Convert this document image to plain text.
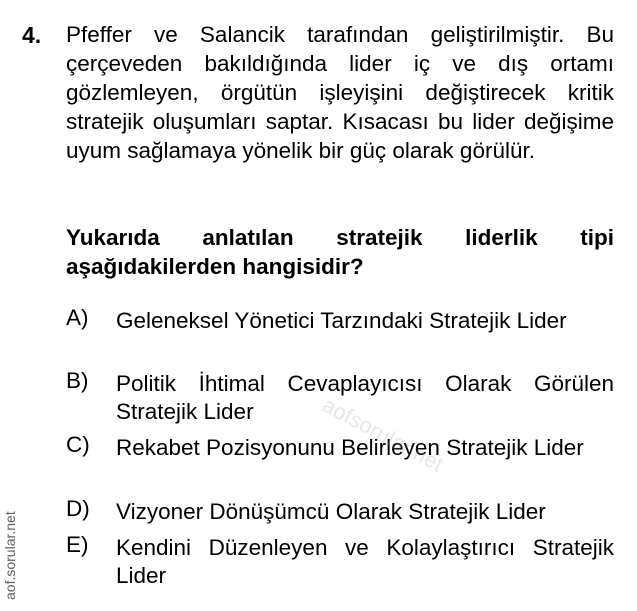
4. Pfeffer ve Salancik tarafından geliştirilmiştir. Bu çerçeveden bakıldığında lider iç ve dış ortamı gözlemleyen, örgütün işleyişini değiştirecek kritik stratejik oluşumları saptar. Kısacası bu lider değişime uyum sağlamaya yönelik bir güç olarak görülür.
Yukarıda anlatılan stratejik liderlik tipi aşağıdakilerden hangisidir?
A) Geleneksel Yönetici Tarzındaki Stratejik Lider
B) Politik İhtimal Cevaplayıcısı Olarak Görülen Stratejik Lider
C) Rekabet Pozisyonunu Belirleyen Stratejik Lider
D) Vizyoner Dönüşümcü Olarak Stratejik Lider
E) Kendini Düzenleyen ve Kolaylaştırıcı Stratejik Lider
aofsorular.net
aof.sorular.net
